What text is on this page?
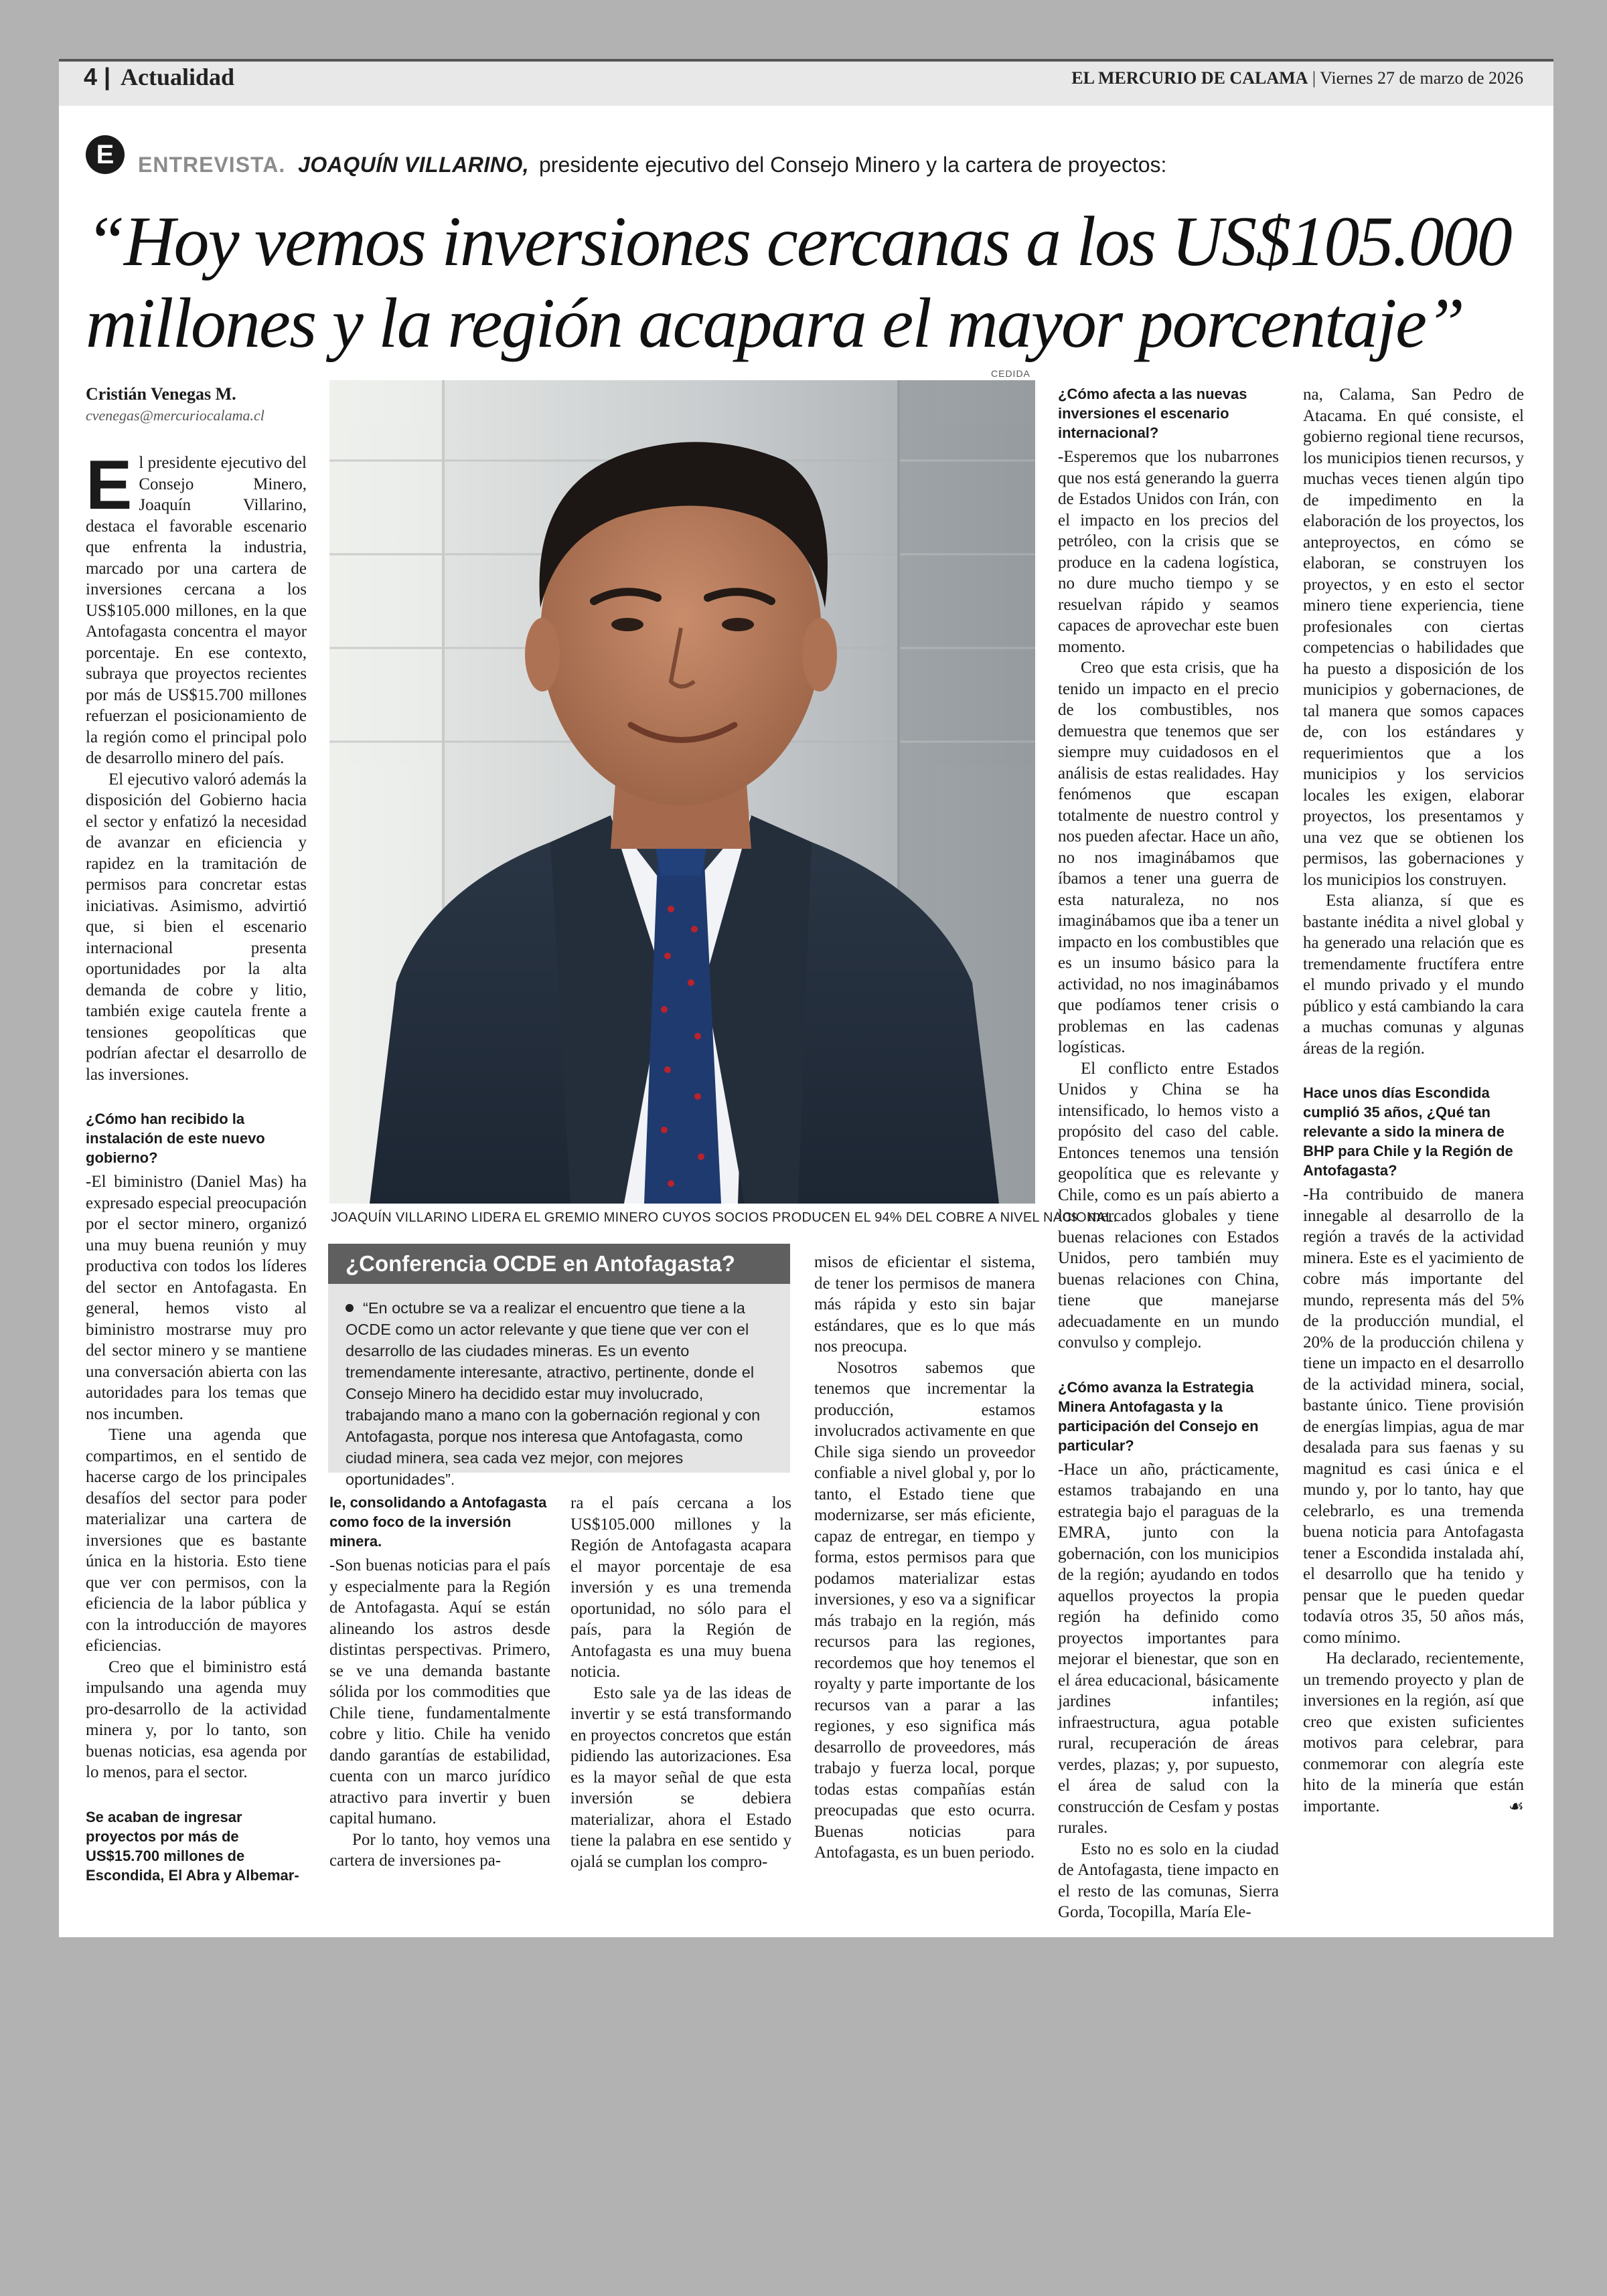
4 | Actualidad	EL MERCURIO DE CALAMA | Viernes 27 de marzo de 2026
E	ENTREVISTA. JOAQUÍN VILLARINO, presidente ejecutivo del Consejo Minero y la cartera de proyectos:
“Hoy vemos inversiones cercanas a los US$105.000
millones y la región acapara el mayor porcentaje”
Cristián Venegas M.
cvenegas@mercuriocalama.cl
CEDIDA
JOAQUÍN VILLARINO LIDERA EL GREMIO MINERO CUYOS SOCIOS PRODUCEN EL 94% DEL COBRE A NIVEL NACIONAL.

El presidente ejecutivo del Consejo Minero, Joaquín Villarino, destaca el favorable escenario que enfrenta la industria, marcado por una cartera de inversiones cercana a los US$105.000 millones, en la que Antofagasta concentra el mayor porcentaje. En ese contexto, subraya que proyectos recientes por más de US$15.700 millones refuerzan el posicionamiento de la región como el principal polo de desarrollo minero del país.

El ejecutivo valoró además la disposición del Gobierno hacia el sector y enfatizó la necesidad de avanzar en eficiencia y rapidez en la tramitación de permisos para concretar estas iniciativas. Asimismo, advirtió que, si bien el escenario internacional presenta oportunidades por la alta demanda de cobre y litio, también exige cautela frente a tensiones geopolíticas que podrían afectar el desarrollo de las inversiones.

¿Cómo han recibido la instalación de este nuevo gobierno?

-El biministro (Daniel Mas) ha expresado especial preocupación por el sector minero, organizó una muy buena reunión y muy productiva con todos los líderes del sector en Antofagasta. En general, hemos visto al biministro mostrarse muy pro del sector minero y se mantiene una conversación abierta con las autoridades para los temas que nos incumben.

Tiene una agenda que compartimos, en el sentido de hacerse cargo de los principales desafíos del sector para poder materializar una cartera de inversiones que es bastante única en la historia. Esto tiene que ver con permisos, con la eficiencia de la labor pública y con la introducción de mayores eficiencias.

Creo que el biministro está impulsando una agenda muy pro-desarrollo de la actividad minera y, por lo tanto, son buenas noticias, esa agenda por lo menos, para el sector.

Se acaban de ingresar proyectos por más de US$15.700 millones de Escondida, El Abra y Albemar-

¿Conferencia OCDE en Antofagasta?
“En octubre se va a realizar el encuentro que tiene a la OCDE como un actor relevante y que tiene que ver con el desarrollo de las ciudades mineras. Es un evento tremendamente interesante, atractivo, pertinente, donde el Consejo Minero ha decidido estar muy involucrado, trabajando mano a mano con la gobernación regional y con Antofagasta, porque nos interesa que Antofagasta, como ciudad minera, sea cada vez mejor, con mejores oportunidades”.

le, consolidando a Antofagasta como foco de la inversión minera.

-Son buenas noticias para el país y especialmente para la Región de Antofagasta. Aquí se están alineando los astros desde distintas perspectivas. Primero, se ve una demanda bastante sólida por los commodities que Chile tiene, fundamentalmente cobre y litio. Chile ha venido dando garantías de estabilidad, cuenta con un marco jurídico atractivo para invertir y buen capital humano.

Por lo tanto, hoy vemos una cartera de inversiones pa-

ra el país cercana a los US$105.000 millones y la Región de Antofagasta acapara el mayor porcentaje de esa inversión y es una tremenda oportunidad, no sólo para el país, para la Región de Antofagasta es una muy buena noticia.

Esto sale ya de las ideas de invertir y se está transformando en proyectos concretos que están pidiendo las autorizaciones. Esa es la mayor señal de que esta inversión se debiera materializar, ahora el Estado tiene la palabra en ese sentido y ojalá se cumplan los compro-

misos de eficientar el sistema, de tener los permisos de manera más rápida y esto sin bajar estándares, que es lo que más nos preocupa.

Nosotros sabemos que tenemos que incrementar la producción, estamos involucrados activamente en que Chile siga siendo un proveedor confiable a nivel global y, por lo tanto, el Estado tiene que modernizarse, ser más eficiente, capaz de entregar, en tiempo y forma, estos permisos para que podamos materializar estas inversiones, y eso va a significar más trabajo en la región, más recursos para las regiones, recordemos que hoy tenemos el royalty y parte importante de los recursos van a parar a las regiones, y eso significa más desarrollo de proveedores, más trabajo y fuerza local, porque todas estas compañías están preocupadas que esto ocurra. Buenas noticias para Antofagasta, es un buen periodo.

¿Cómo afecta a las nuevas inversiones el escenario internacional?

-Esperemos que los nubarrones que nos está generando la guerra de Estados Unidos con Irán, con el impacto en los precios del petróleo, con la crisis que se produce en la cadena logística, no dure mucho tiempo y se resuelvan rápido y seamos capaces de aprovechar este buen momento.

Creo que esta crisis, que ha tenido un impacto en el precio de los combustibles, nos demuestra que tenemos que ser siempre muy cuidadosos en el análisis de estas realidades. Hay fenómenos que escapan totalmente de nuestro control y nos pueden afectar. Hace un año, no nos imaginábamos que íbamos a tener una guerra de esta naturaleza, no nos imaginábamos que iba a tener un impacto en los combustibles que es un insumo básico para la actividad, no nos imaginábamos que podíamos tener crisis o problemas en las cadenas logísticas.

El conflicto entre Estados Unidos y China se ha intensificado, lo hemos visto a propósito del caso del cable. Entonces tenemos una tensión geopolítica que es relevante y Chile, como es un país abierto a los mercados globales y tiene buenas relaciones con Estados Unidos, pero también muy buenas relaciones con China, tiene que manejarse adecuadamente en un mundo convulso y complejo.

¿Cómo avanza la Estrategia Minera Antofagasta y la participación del Consejo en particular?

-Hace un año, prácticamente, estamos trabajando en una estrategia bajo el paraguas de la EMRA, junto con la gobernación, con los municipios de la región; ayudando en todos aquellos proyectos la propia región ha definido como proyectos importantes para mejorar el bienestar, que son en el área educacional, básicamente jardines infantiles; infraestructura, agua potable rural, recuperación de áreas verdes, plazas; y, por supuesto, el área de salud con la construcción de Cesfam y postas rurales.

Esto no es solo en la ciudad de Antofagasta, tiene impacto en el resto de las comunas, Sierra Gorda, Tocopilla, María Ele-

na, Calama, San Pedro de Atacama. En qué consiste, el gobierno regional tiene recursos, los municipios tienen recursos, y muchas veces tienen algún tipo de impedimento en la elaboración de los proyectos, los anteproyectos, en cómo se elaboran, se construyen los proyectos, y en esto el sector minero tiene experiencia, tiene profesionales con ciertas competencias o habilidades que ha puesto a disposición de los municipios y gobernaciones, de tal manera que somos capaces de, con los estándares y requerimientos que a los municipios y los servicios locales les exigen, elaborar proyectos, los presentamos y una vez que se obtienen los permisos, las gobernaciones y los municipios los construyen.

Esta alianza, sí que es bastante inédita a nivel global y ha generado una relación que es tremendamente fructífera entre el mundo privado y el mundo público y está cambiando la cara a muchas comunas y algunas áreas de la región.

Hace unos días Escondida cumplió 35 años, ¿Qué tan relevante a sido la minera de BHP para Chile y la Región de Antofagasta?

-Ha contribuido de manera innegable al desarrollo de la región a través de la actividad minera. Este es el yacimiento de cobre más importante del mundo, representa más del 5% de la producción mundial, el 20% de la producción chilena y tiene un impacto en el desarrollo de la actividad minera, social, bastante único. Tiene provisión de energías limpias, agua de mar desalada para sus faenas y su magnitud es casi única e el mundo y, por lo tanto, hay que celebrarlo, es una tremenda buena noticia para Antofagasta tener a Escondida instalada ahí, el desarrollo que ha tenido y pensar que le pueden quedar todavía otros 35, 50 años más, como mínimo.

Ha declarado, recientemente, un tremendo proyecto y plan de inversiones en la región, así que creo que existen suficientes motivos para celebrar, para conmemorar con alegría este hito de la minería que están importante.	☙
